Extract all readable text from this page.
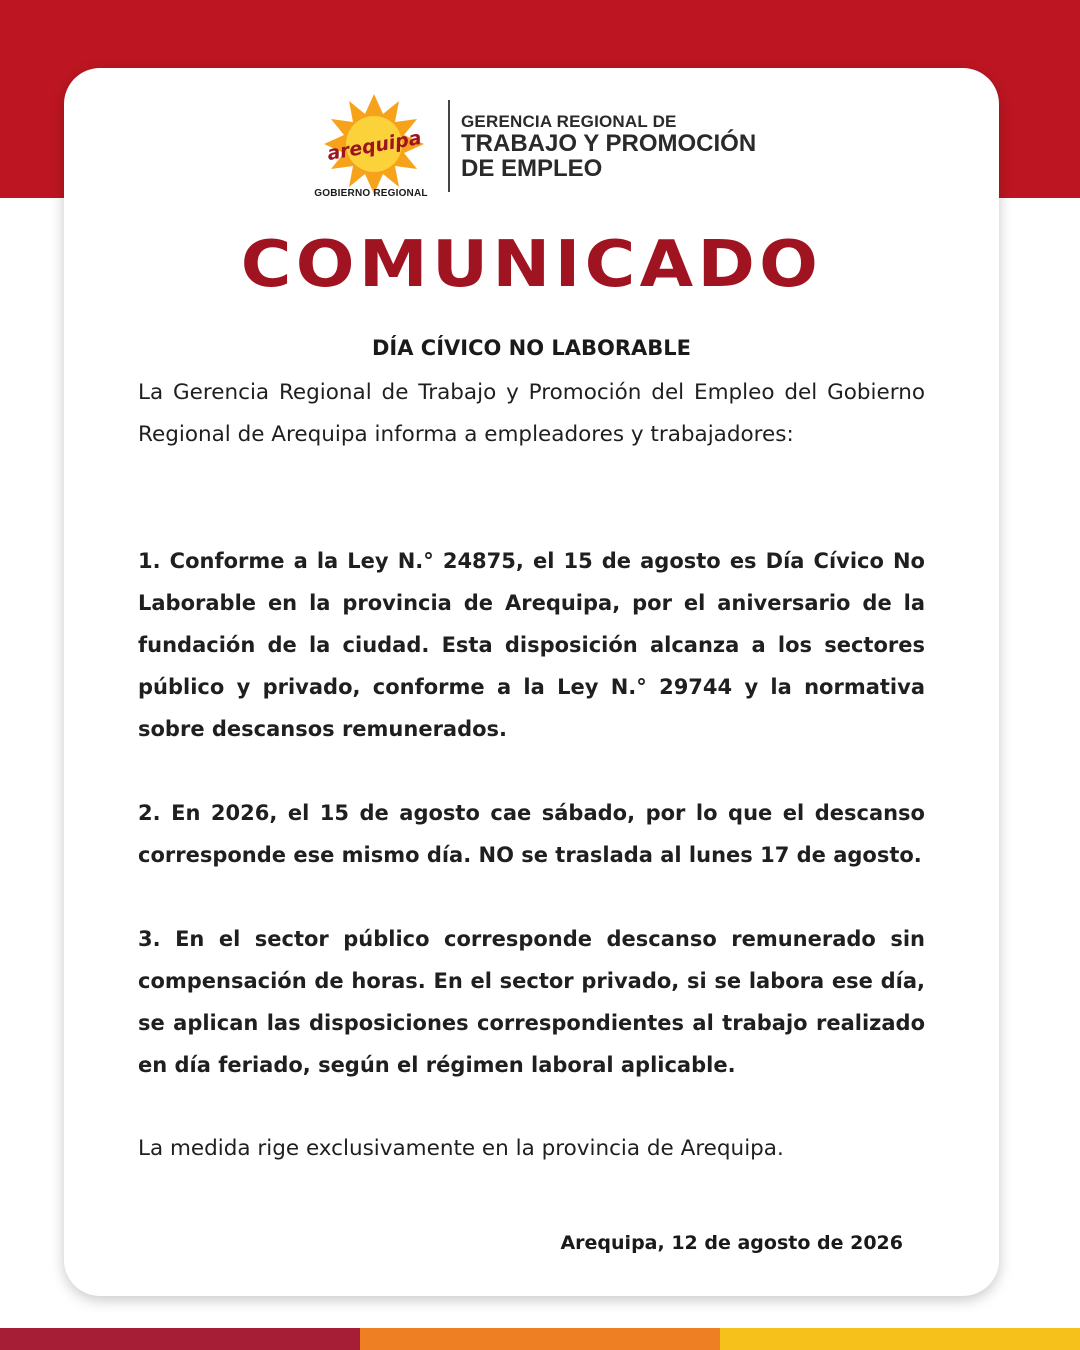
arequipa
GOBIERNO REGIONAL
GERENCIA REGIONAL DE
TRABAJO Y PROMOCIÓN
DE EMPLEO
COMUNICADO
DÍA CÍVICO NO LABORABLE
La Gerencia Regional de Trabajo y Promoción del Empleo del Gobierno Regional de Arequipa informa a empleadores y trabajadores:
1. Conforme a la Ley N.° 24875, el 15 de agosto es Día Cívico No Laborable en la provincia de Arequipa, por el aniversario de la fundación de la ciudad. Esta disposición alcanza a los sectores público y privado, conforme a la Ley N.° 29744 y la normativa sobre descansos remunerados.
2. En 2026, el 15 de agosto cae sábado, por lo que el descanso corresponde ese mismo día. NO se traslada al lunes 17 de agosto.
3. En el sector público corresponde descanso remunerado sin compensación de horas. En el sector privado, si se labora ese día, se aplican las disposiciones correspondientes al trabajo realizado en día feriado, según el régimen laboral aplicable.
La medida rige exclusivamente en la provincia de Arequipa.
Arequipa, 12 de agosto de 2026
